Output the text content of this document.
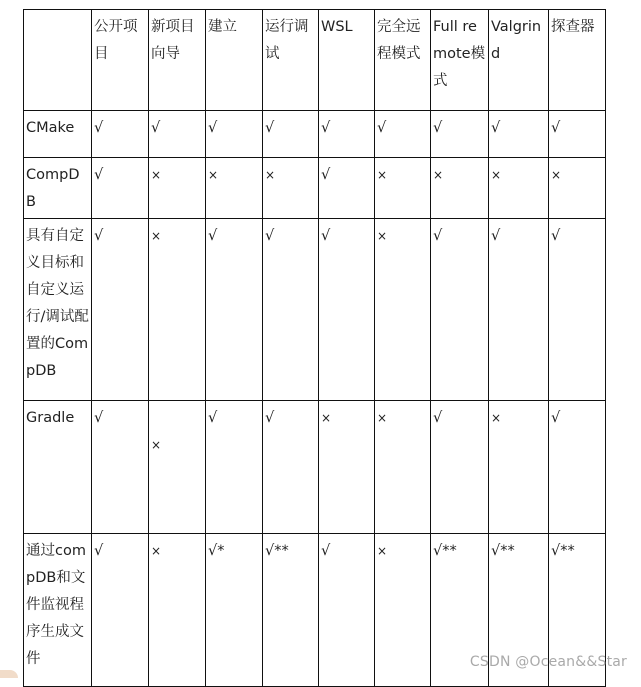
	公开项目	新项目向导	建立	运行调试	WSL	完全远程模式	Full remote模式	Valgrind	探查器
CMake	√	√	√	√	√	√	√	√	√
CompDB	√	×	×	×	√	×	×	×	×
具有自定义目标和自定义运行/调试配置的CompDB	√	×	√	√	√	×	√	√	√
Gradle	√	×	√	√	×	×	√	×	√
通过compDB和文件监视程序生成文件	√	×	√*	√**	√	×	√**	√**	√**
CSDN @Ocean&&Star
